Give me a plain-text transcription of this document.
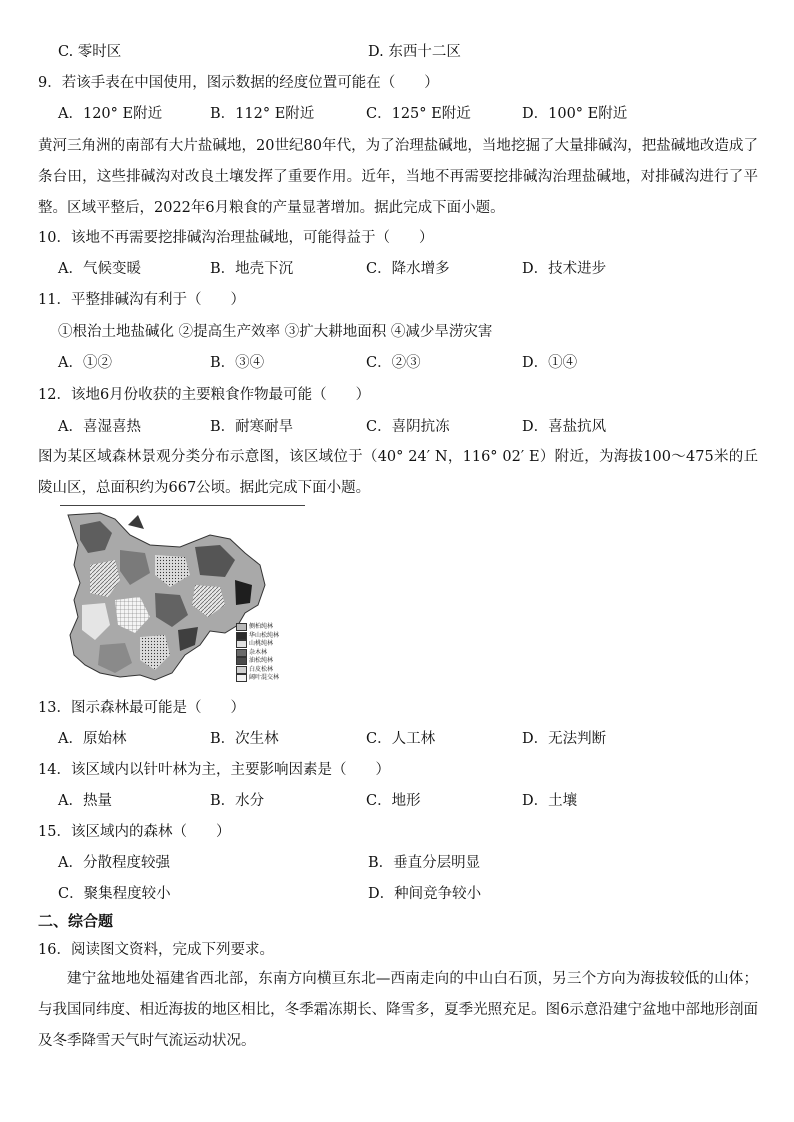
C. 零时区	D. 东西十二区
9．若该手表在中国使用，图示数据的经度位置可能在（　　）
A．120° E附近	B．112° E附近	C．125° E附近	D．100° E附近
黄河三角洲的南部有大片盐碱地，20世纪80年代，为了治理盐碱地，当地挖掘了大量排碱沟，把盐碱地改造成了条台田，这些排碱沟对改良土壤发挥了重要作用。近年，当地不再需要挖排碱沟治理盐碱地，对排碱沟进行了平整。区域平整后，2022年6月粮食的产量显著增加。据此完成下面小题。
10．该地不再需要挖排碱沟治理盐碱地，可能得益于（　　）
A．气候变暖	B．地壳下沉	C．降水增多	D．技术进步
11．平整排碱沟有利于（　　）
①根治土地盐碱化 ②提高生产效率 ③扩大耕地面积 ④减少旱涝灾害
A．①②	B．③④	C．②③	D．①④
12．该地6月份收获的主要粮食作物最可能（　　）
A．喜湿喜热	B．耐寒耐旱	C．喜阴抗冻	D．喜盐抗风
图为某区域森林景观分类分布示意图，该区域位于（40° 24′ N，116° 02′ E）附近，为海拔100～475米的丘陵山区，总面积约为667公顷。据此完成下面小题。
侧柏纯林
华山松纯林
山桃纯林
杂木林
油松纯林
白皮松林
阔叶混交林
13．图示森林最可能是（　　）
A．原始林	B．次生林	C．人工林	D．无法判断
14．该区域内以针叶林为主，主要影响因素是（　　）
A．热量	B．水分	C．地形	D．土壤
15．该区域内的森林（　　）
A．分散程度较强	B．垂直分层明显
C．聚集程度较小	D．种间竞争较小
二、综合题
16．阅读图文资料，完成下列要求。
建宁盆地地处福建省西北部，东南方向横亘东北—西南走向的中山白石顶，另三个方向为海拔较低的山体；与我国同纬度、相近海拔的地区相比，冬季霜冻期长、降雪多，夏季光照充足。图6示意沿建宁盆地中部地形剖面及冬季降雪天气时气流运动状况。
